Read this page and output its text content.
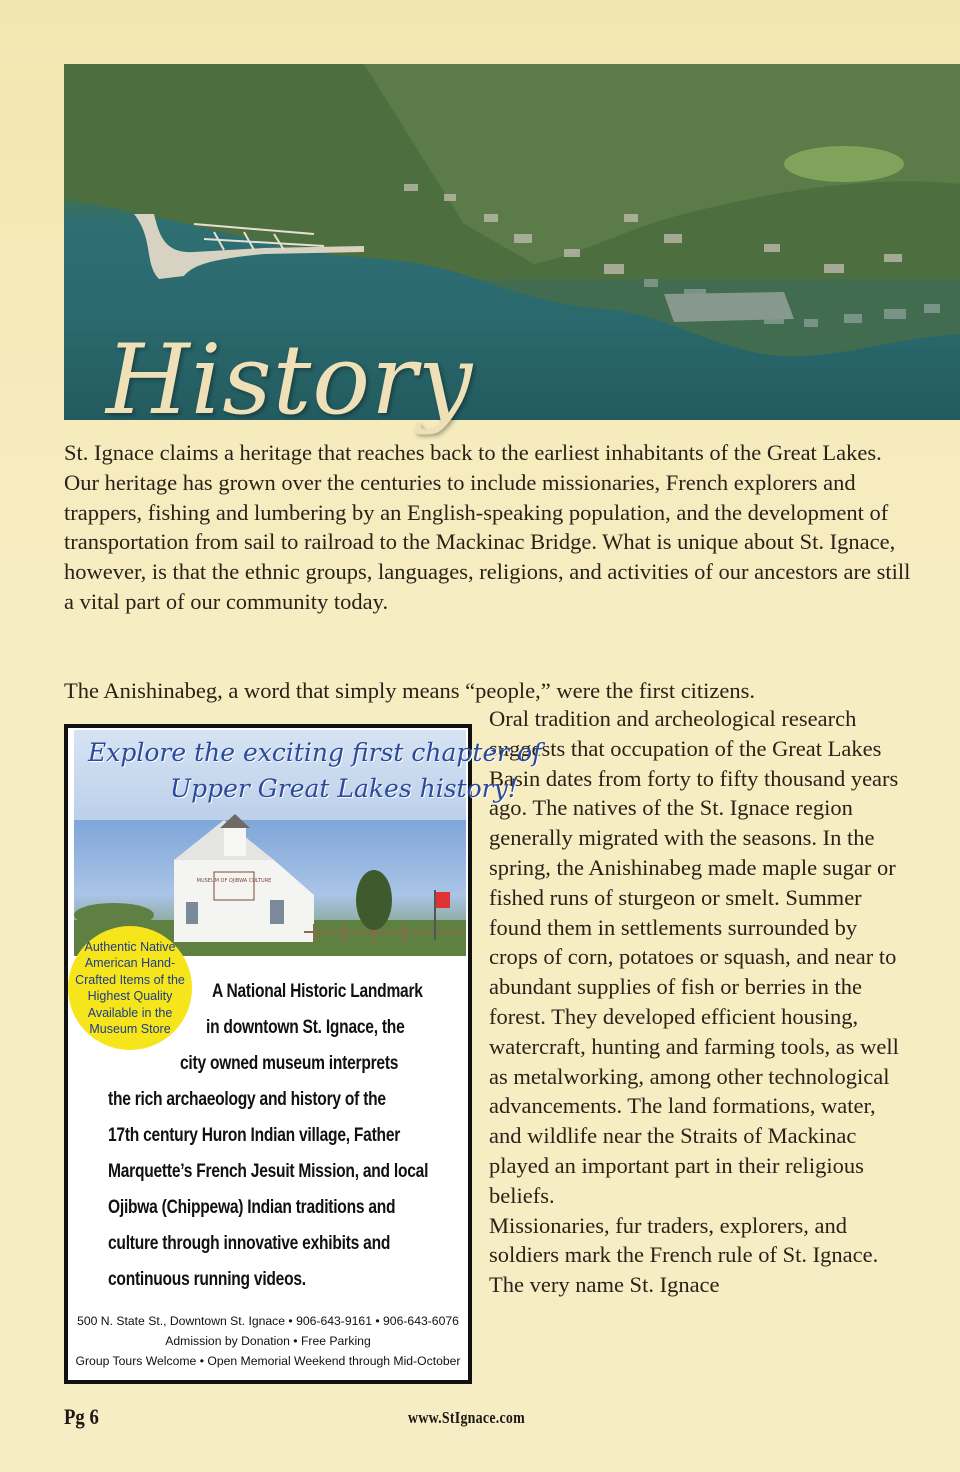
History
St. Ignace claims a heritage that reaches back to the earliest inhabitants of the Great Lakes. Our heritage has grown over the centuries to include missionaries, French explorers and trappers, fishing and lumbering by an English-speaking population, and the development of transportation from sail to railroad to the Mackinac Bridge. What is unique about St. Ignace, however, is that the ethnic groups, languages, religions, and activities of our ancestors are still a vital part of our community today.
The Anishinabeg, a word that simply means “people,” were the first citizens.
Oral tradition and archeological research suggests that occupation of the Great Lakes Basin dates from forty to fifty thousand years ago. The natives of the St. Ignace region generally migrated with the seasons. In the spring, the Anishinabeg made maple sugar or fished runs of sturgeon or smelt. Summer found them in settlements surrounded by crops of corn, potatoes or squash, and near to abundant supplies of fish or berries in the forest. They developed efficient housing, watercraft, hunting and farming tools, as well as metalworking, among other technological advancements. The land formations, water, and wildlife near the Straits of Mackinac played an important part in their religious beliefs.
Missionaries, fur traders, explorers, and soldiers mark the French rule of St. Ignace. The very name St. Ignace
Explore the exciting first chapter of
Upper Great Lakes history!
MUSEUM OF OJIBWA CULTURE
Authentic Native American Hand-Crafted Items of the Highest Quality Available in the Museum Store
A National Historic Landmark
in downtown St. Ignace, the
city owned museum interprets
the rich archaeology and history of the
17th century Huron Indian village, Father
Marquette’s French Jesuit Mission, and local
Ojibwa (Chippewa) Indian traditions and
culture through innovative exhibits and
continuous running videos.
500 N. State St., Downtown St. Ignace • 906-643-9161 • 906-643-6076
Admission by Donation • Free Parking
Group Tours Welcome • Open Memorial Weekend through Mid-October
Pg 6	www.StIgnace.com
